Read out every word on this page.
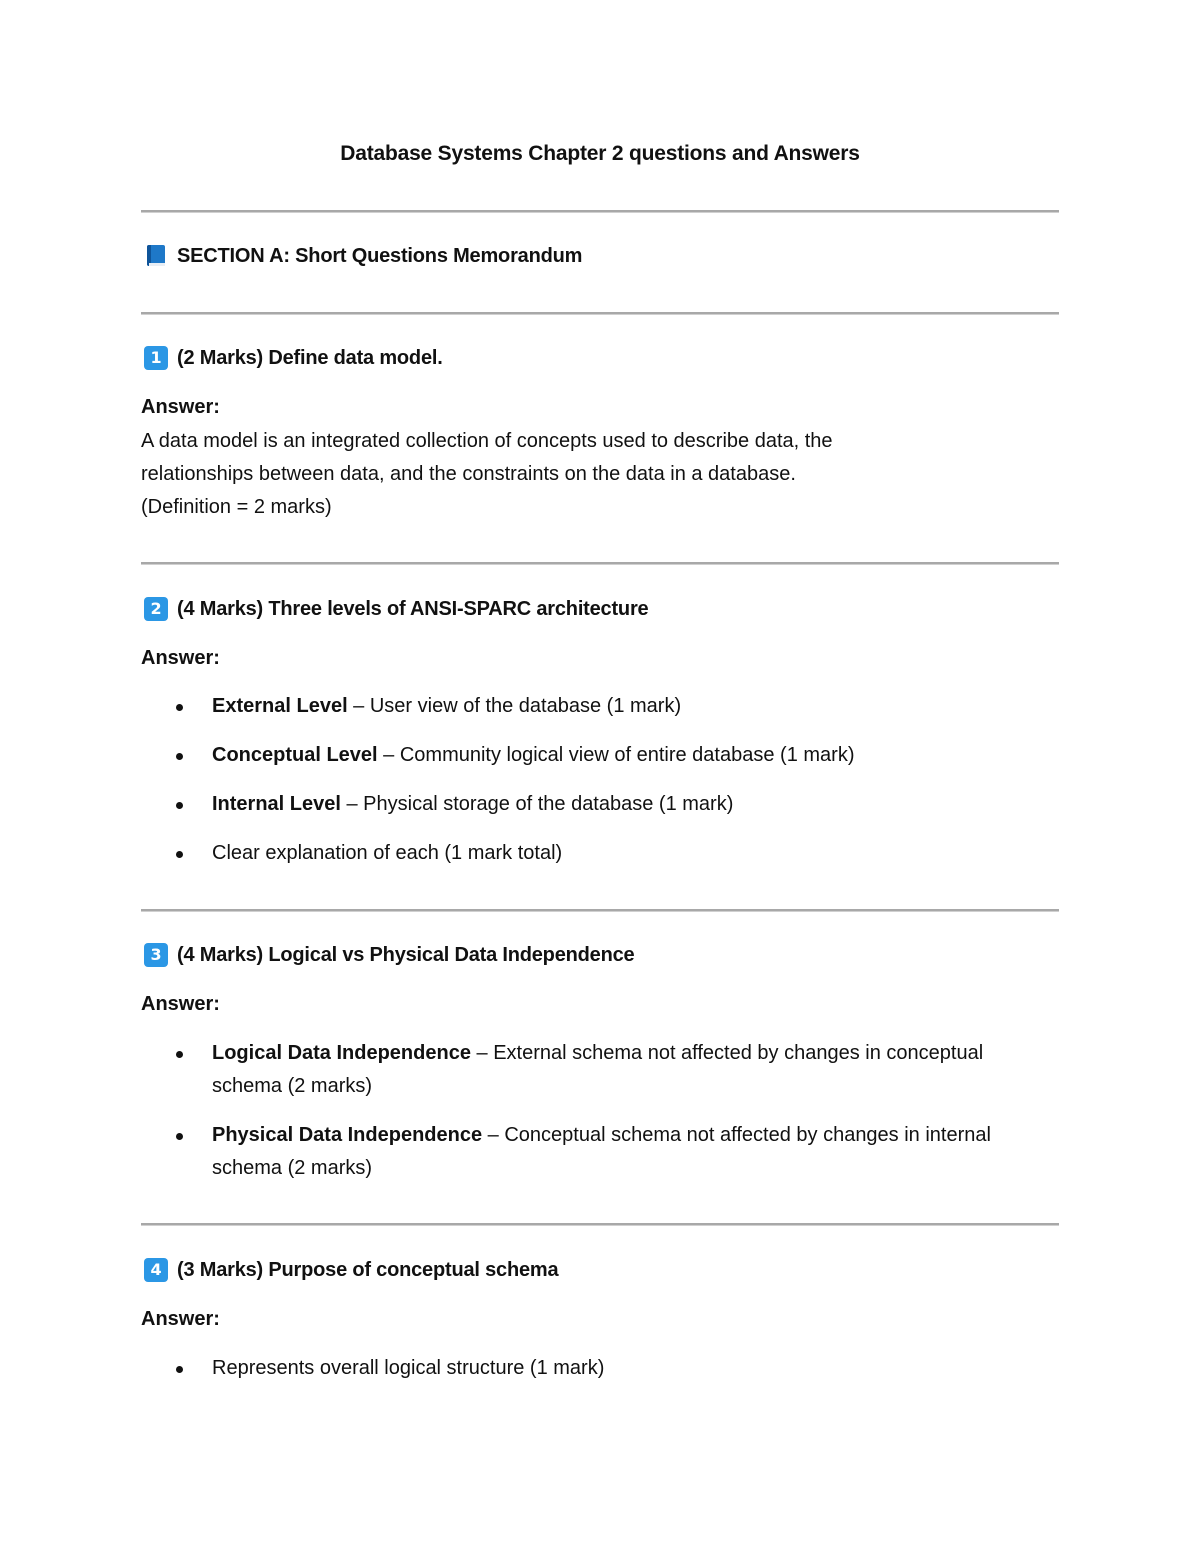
Database Systems Chapter 2 questions and Answers
SECTION A: Short Questions Memorandum
1 (2 Marks) Define data model.
Answer:
A data model is an integrated collection of concepts used to describe data, the
relationships between data, and the constraints on the data in a database.
(Definition = 2 marks)
2 (4 Marks) Three levels of ANSI-SPARC architecture
Answer:
External Level – User view of the database (1 mark)
Conceptual Level – Community logical view of entire database (1 mark)
Internal Level – Physical storage of the database (1 mark)
Clear explanation of each (1 mark total)
3 (4 Marks) Logical vs Physical Data Independence
Answer:
Logical Data Independence – External schema not affected by changes in conceptual schema (2 marks)
Physical Data Independence – Conceptual schema not affected by changes in internal schema (2 marks)
4 (3 Marks) Purpose of conceptual schema
Answer:
Represents overall logical structure (1 mark)
